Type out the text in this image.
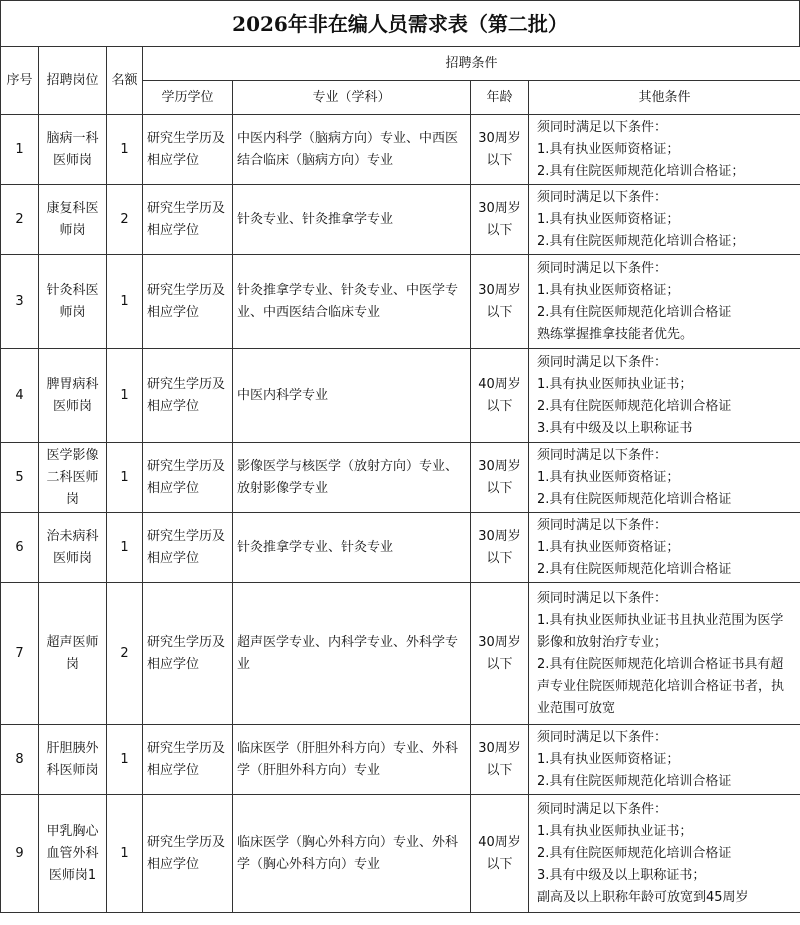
2026年非在编人员需求表（第二批）
序号	招聘岗位	名额	招聘条件			
			学历学位	专业（学科）	年龄	其他条件
1	脑病一科医师岗	1	研究生学历及相应学位	中医内科学（脑病方向）专业、中西医结合临床（脑病方向）专业	30周岁以下	须同时满足以下条件：
1.具有执业医师资格证；
2.具有住院医师规范化培训合格证；

2	康复科医师岗	2	研究生学历及相应学位	针灸专业、针灸推拿学专业	30周岁以下	须同时满足以下条件：
1.具有执业医师资格证；
2.具有住院医师规范化培训合格证；

3	针灸科医师岗	1	研究生学历及相应学位	针灸推拿学专业、针灸专业、中医学专业、中西医结合临床专业	30周岁以下	须同时满足以下条件：
1.具有执业医师资格证；
2.具有住院医师规范化培训合格证
熟练掌握推拿技能者优先。

4	脾胃病科医师岗	1	研究生学历及相应学位	中医内科学专业	40周岁以下	须同时满足以下条件：
1.具有执业医师执业证书；
2.具有住院医师规范化培训合格证
3.具有中级及以上职称证书

5	医学影像二科医师岗	1	研究生学历及相应学位	影像医学与核医学（放射方向）专业、放射影像学专业	30周岁以下	须同时满足以下条件：
1.具有执业医师资格证；
2.具有住院医师规范化培训合格证

6	治未病科医师岗	1	研究生学历及相应学位	针灸推拿学专业、针灸专业	30周岁以下	须同时满足以下条件：
1.具有执业医师资格证；
2.具有住院医师规范化培训合格证

7	超声医师岗	2	研究生学历及相应学位	超声医学专业、内科学专业、外科学专业	30周岁以下	须同时满足以下条件：
1.具有执业医师执业证书且执业范围为医学影像和放射治疗专业；
2.具有住院医师规范化培训合格证书具有超声专业住院医师规范化培训合格证书者，执业范围可放宽

8	肝胆胰外科医师岗	1	研究生学历及相应学位	临床医学（肝胆外科方向）专业、外科学（肝胆外科方向）专业	30周岁以下	须同时满足以下条件：
1.具有执业医师资格证；
2.具有住院医师规范化培训合格证

9	甲乳胸心血管外科医师岗1	1	研究生学历及相应学位	临床医学（胸心外科方向）专业、外科学（胸心外科方向）专业	40周岁以下	须同时满足以下条件：
1.具有执业医师执业证书；
2.具有住院医师规范化培训合格证
3.具有中级及以上职称证书；
副高及以上职称年龄可放宽到45周岁
